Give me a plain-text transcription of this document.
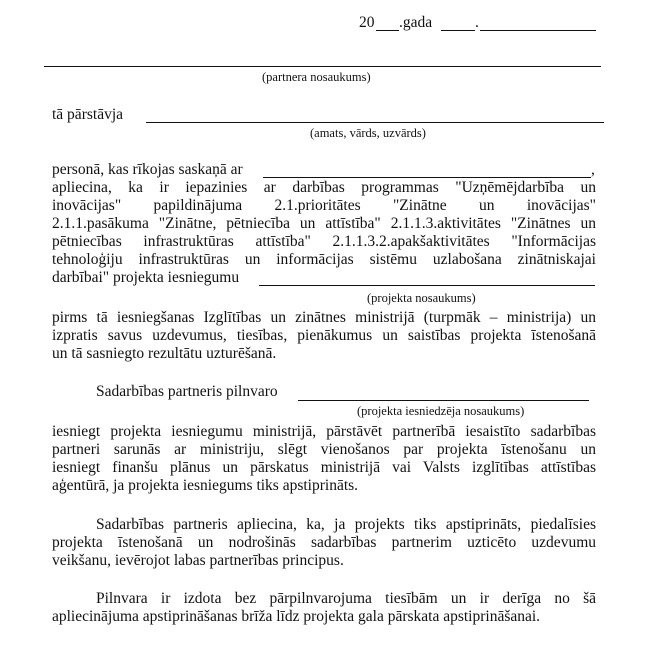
20 .gada	.
(partnera nosaukums)
tā pārstāvja
(amats, vārds, uzvārds)
personā, kas rīkojas saskaņā ar	,
apliecina, ka ir iepazinies ar darbības programmas "Uzņēmējdarbība un
inovācijas" papildinājuma 2.1.prioritātes "Zinātne un inovācijas"
2.1.1.pasākuma "Zinātne, pētniecība un attīstība" 2.1.1.3.aktivitātes "Zinātnes un
pētniecības infrastruktūras attīstība" 2.1.1.3.2.apakšaktivitātes "Informācijas
tehnoloģiju infrastruktūras un informācijas sistēmu uzlabošana zinātniskajai
darbībai" projekta iesniegumu
(projekta nosaukums)
pirms tā iesniegšanas Izglītības un zinātnes ministrijā (turpmāk – ministrija) un
izpratis savus uzdevumus, tiesības, pienākumus un saistības projekta īstenošanā
un tā sasniegto rezultātu uzturēšanā.
Sadarbības partneris pilnvaro
(projekta iesniedzēja nosaukums)
iesniegt projekta iesniegumu ministrijā, pārstāvēt partnerībā iesaistīto sadarbības
partneri sarunās ar ministriju, slēgt vienošanos par projekta īstenošanu un
iesniegt finanšu plānus un pārskatus ministrijā vai Valsts izglītības attīstības
aģentūrā, ja projekta iesniegums tiks apstiprināts.
Sadarbības partneris apliecina, ka, ja projekts tiks apstiprināts, piedalīsies
projekta īstenošanā un nodrošinās sadarbības partnerim uzticēto uzdevumu
veikšanu, ievērojot labas partnerības principus.
Pilnvara ir izdota bez pārpilnvarojuma tiesībām un ir derīga no šā
apliecinājuma apstiprināšanas brīža līdz projekta gala pārskata apstiprināšanai.
